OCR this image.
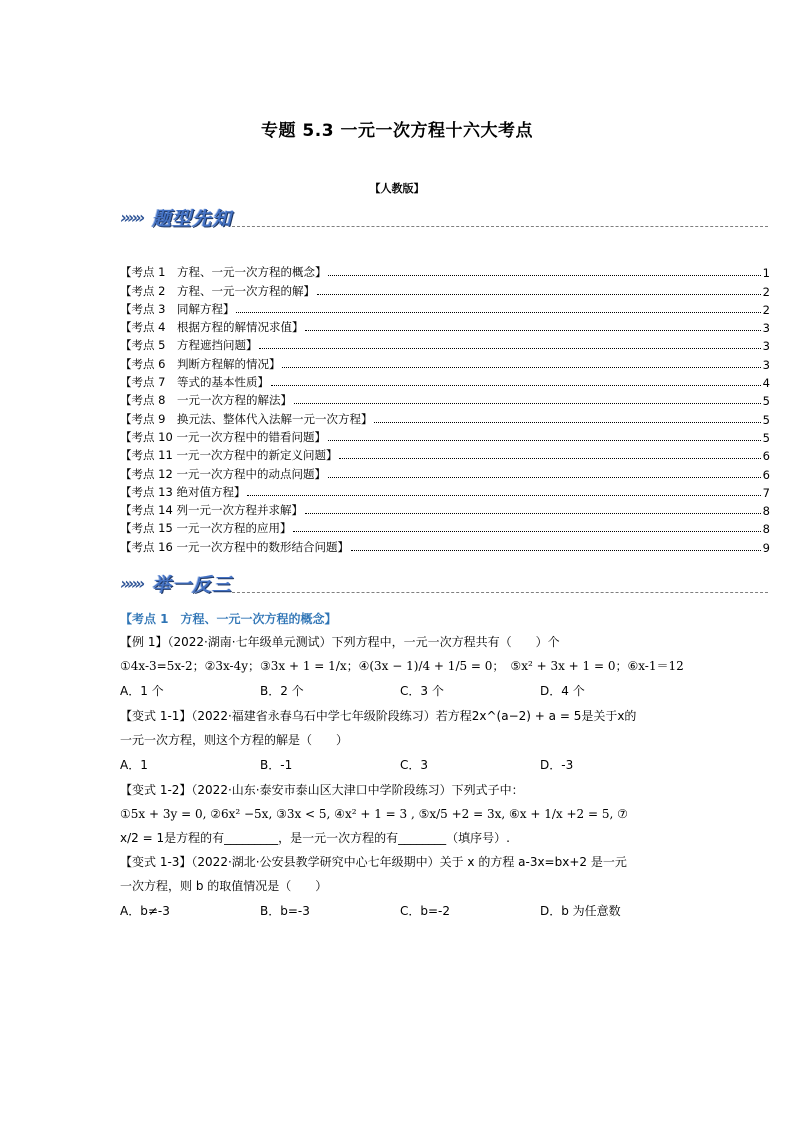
专题 5.3 一元一次方程十六大考点
【人教版】
»»» 题型先知
【考点 1　方程、一元一次方程的概念】	1
【考点 2　方程、一元一次方程的解】	2
【考点 3　同解方程】	2
【考点 4　根据方程的解情况求值】	3
【考点 5　方程遮挡问题】	3
【考点 6　判断方程解的情况】	3
【考点 7　等式的基本性质】	4
【考点 8　一元一次方程的解法】	5
【考点 9　换元法、整体代入法解一元一次方程】	5
【考点 10 一元一次方程中的错看问题】	5
【考点 11 一元一次方程中的新定义问题】	6
【考点 12 一元一次方程中的动点问题】	6
【考点 13 绝对值方程】	7
【考点 14 列一元一次方程并求解】	8
【考点 15 一元一次方程的应用】	8
【考点 16 一元一次方程中的数形结合问题】	9
»»» 举一反三
【考点 1　方程、一元一次方程的概念】
【例 1】（2022·湖南·七年级单元测试）下列方程中，一元一次方程共有（　　）个
①4x-3=5x-2；②3x-4y；③3x + 1 = 1/x；④(3x − 1)/4 + 1/5 = 0；　⑤x² + 3x + 1 = 0；⑥x-1＝12
A．1 个	B．2 个	C．3 个	D．4 个
【变式 1-1】（2022·福建省永春乌石中学七年级阶段练习）若方程2x^(a−2) + a = 5是关于x的
一元一次方程，则这个方程的解是（　　）
A．1	B．-1	C．3	D．-3
【变式 1-2】（2022·山东·泰安市泰山区大津口中学阶段练习）下列式子中：
①5x + 3y = 0, ②6x² −5x, ③3x < 5, ④x² + 1 = 3 , ⑤x/5 +2 = 3x, ⑥x + 1/x +2 = 5, ⑦
x/2 = 1是方程的有_________，是一元一次方程的有________（填序号）.
【变式 1-3】（2022·湖北·公安县教学研究中心七年级期中）关于 x 的方程 a-3x=bx+2 是一元
一次方程，则 b 的取值情况是（　　）
A．b≠-3	B．b=-3	C．b=-2	D．b 为任意数
